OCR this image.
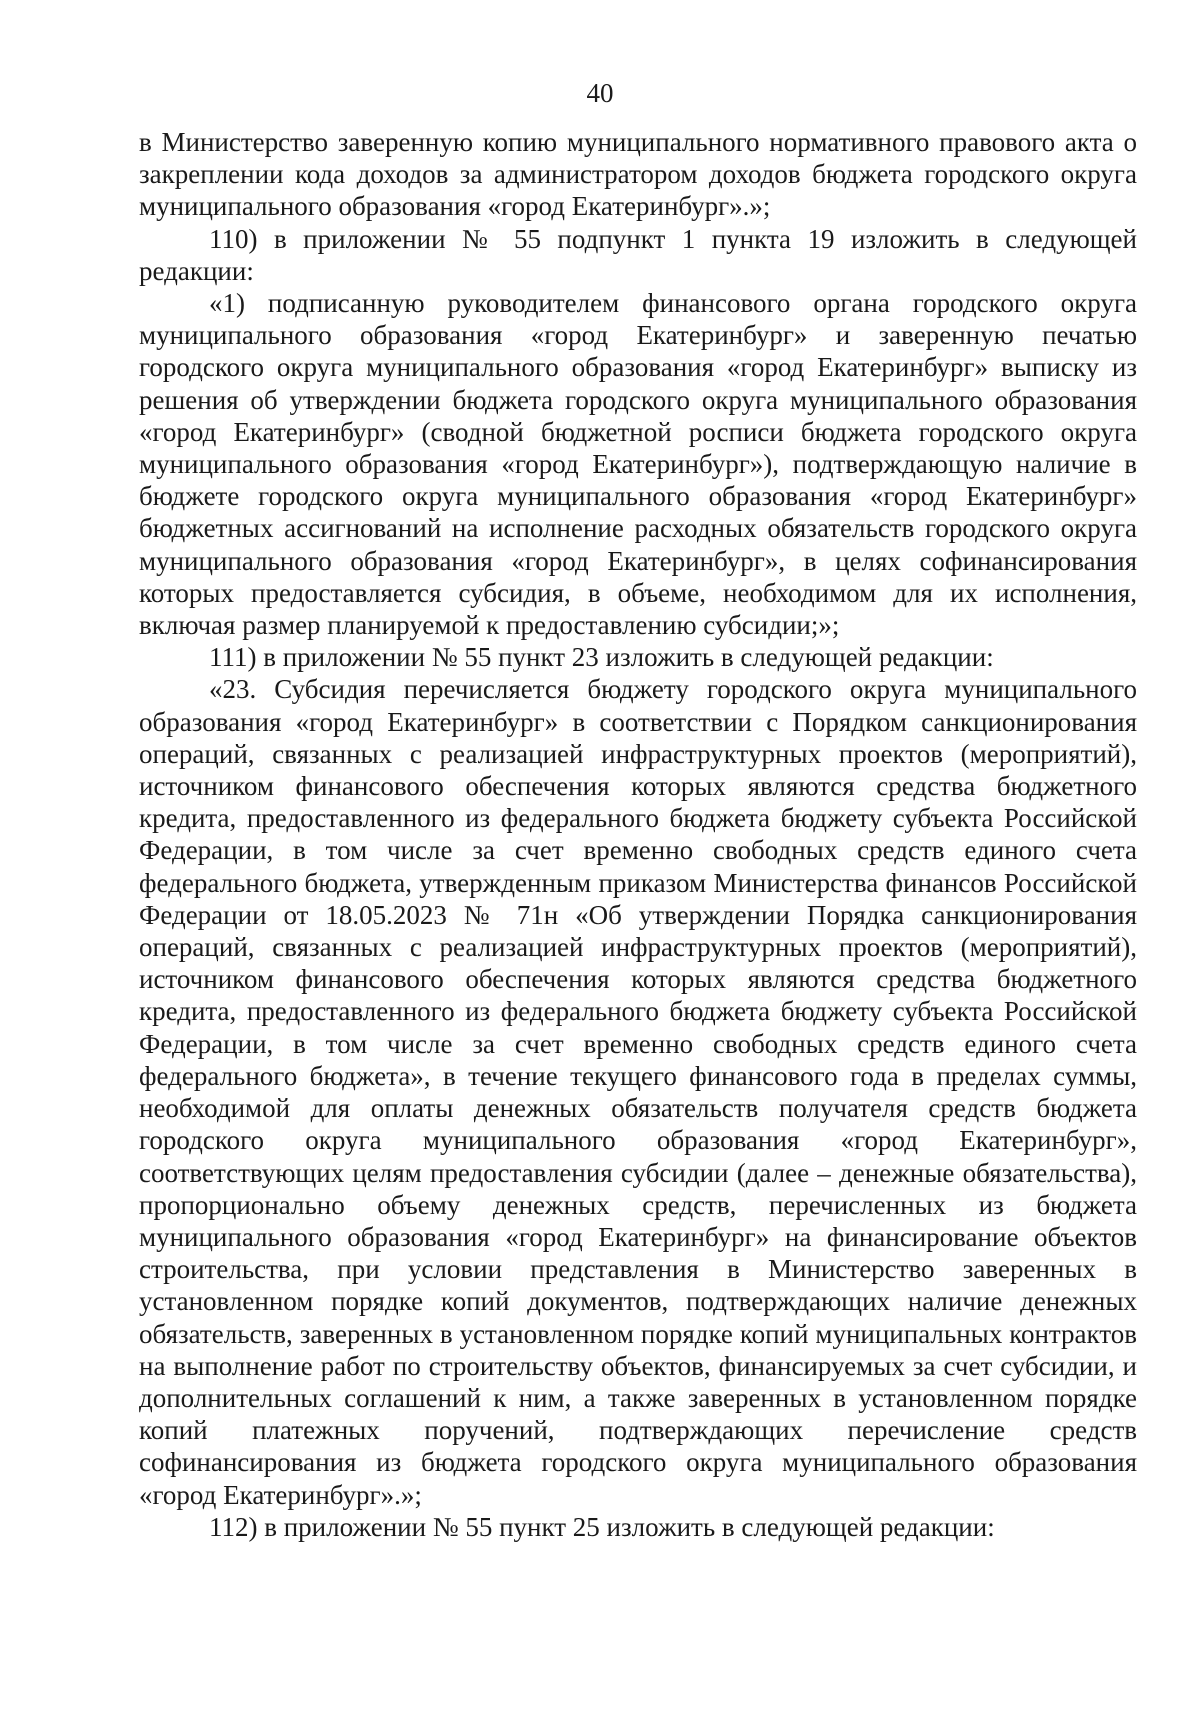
40

в Министерство заверенную копию муниципального нормативного правового акта о закреплении кода доходов за администратором доходов бюджета городского округа муниципального образования «город Екатеринбург».»;

110) в приложении № 55 подпункт 1 пункта 19 изложить в следующей редакции:

«1) подписанную руководителем финансового органа городского округа муниципального образования «город Екатеринбург» и заверенную печатью городского округа муниципального образования «город Екатеринбург» выписку из решения об утверждении бюджета городского округа муниципального образования «город Екатеринбург» (сводной бюджетной росписи бюджета городского округа муниципального образования «город Екатеринбург»), подтверждающую наличие в бюджете городского округа муниципального образования «город Екатеринбург» бюджетных ассигнований на исполнение расходных обязательств городского округа муниципального образования «город Екатеринбург», в целях софинансирования которых предоставляется субсидия, в объеме, необходимом для их исполнения, включая размер планируемой к предоставлению субсидии;»;

111) в приложении № 55 пункт 23 изложить в следующей редакции:

«23. Субсидия перечисляется бюджету городского округа муниципального образования «город Екатеринбург» в соответствии с Порядком санкционирования операций, связанных с реализацией инфраструктурных проектов (мероприятий), источником финансового обеспечения которых являются средства бюджетного кредита, предоставленного из федерального бюджета бюджету субъекта Российской Федерации, в том числе за счет временно свободных средств единого счета федерального бюджета, утвержденным приказом Министерства финансов Российской Федерации от 18.05.2023 № 71н «Об утверждении Порядка санкционирования операций, связанных с реализацией инфраструктурных проектов (мероприятий), источником финансового обеспечения которых являются средства бюджетного кредита, предоставленного из федерального бюджета бюджету субъекта Российской Федерации, в том числе за счет временно свободных средств единого счета федерального бюджета», в течение текущего финансового года в пределах суммы, необходимой для оплаты денежных обязательств получателя средств бюджета городского округа муниципального образования «город Екатеринбург», соответствующих целям предоставления субсидии (далее – денежные обязательства), пропорционально объему денежных средств, перечисленных из бюджета муниципального образования «город Екатеринбург» на финансирование объектов строительства, при условии представления в Министерство заверенных в установленном порядке копий документов, подтверждающих наличие денежных обязательств, заверенных в установленном порядке копий муниципальных контрактов на выполнение работ по строительству объектов, финансируемых за счет субсидии, и дополнительных соглашений к ним, а также заверенных в установленном порядке копий платежных поручений, подтверждающих перечисление средств софинансирования из бюджета городского округа муниципального образования «город Екатеринбург».»;

112) в приложении № 55 пункт 25 изложить в следующей редакции:
